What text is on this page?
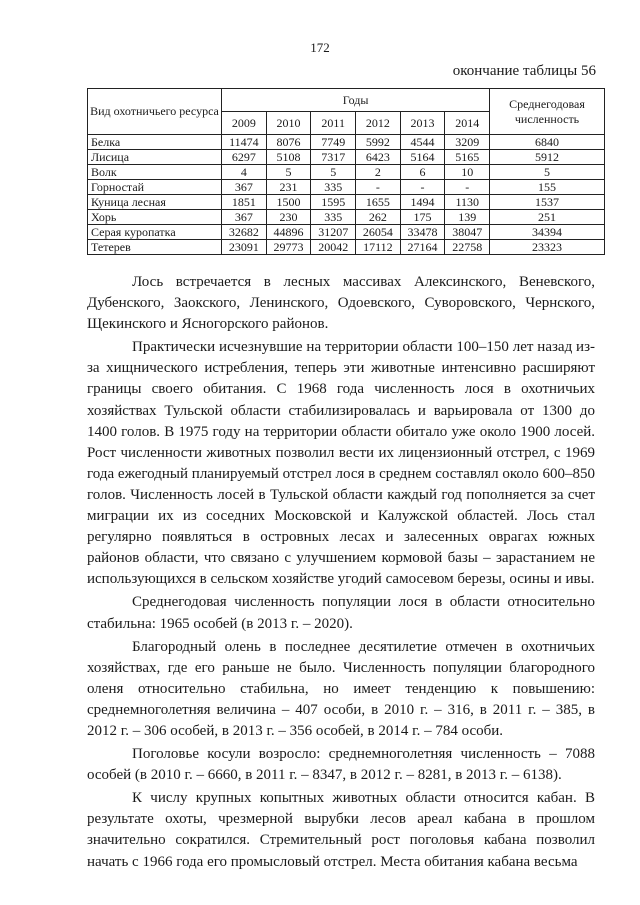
172
окончание таблицы 56
Вид охотничьего ресурса	Годы						Среднегодовая численность
	2009	2010	2011	2012	2013	2014	
Белка	11474	8076	7749	5992	4544	3209	6840
Лисица	6297	5108	7317	6423	5164	5165	5912
Волк	4	5	5	2	6	10	5
Горностай	367	231	335	-	-	-	155
Куница лесная	1851	1500	1595	1655	1494	1130	1537
Хорь	367	230	335	262	175	139	251
Серая куропатка	32682	44896	31207	26054	33478	38047	34394
Тетерев	23091	29773	20042	17112	27164	22758	23323

Лось встречается в лесных массивах Алексинского, Веневского, Дубенского, Заокского, Ленинского, Одоевского, Суворовского, Чернского, Щекинского и Ясногорского районов.

Практически исчезнувшие на территории области 100–150 лет назад из-за хищнического истребления, теперь эти животные интенсивно расширяют границы своего обитания. С 1968 года численность лося в охотничьих хозяйствах Тульской области стабилизировалась и варьировала от 1300 до 1400 голов. В 1975 году на территории области обитало уже около 1900 лосей. Рост численности животных позволил вести их лицензионный отстрел, с 1969 года ежегодный планируемый отстрел лося в среднем составлял около 600–850 голов. Численность лосей в Тульской области каждый год пополняется за счет миграции их из соседних Московской и Калужской областей. Лось стал регулярно появляться в островных лесах и залесенных оврагах южных районов области, что связано с улучшением кормовой базы – зарастанием не использующихся в сельском хозяйстве угодий самосевом березы, осины и ивы.

Среднегодовая численность популяции лося в области относительно стабильна: 1965 особей (в 2013 г. – 2020).

Благородный олень в последнее десятилетие отмечен в охотничьих хозяйствах, где его раньше не было. Численность популяции благородного оленя относительно стабильна, но имеет тенденцию к повышению: среднемноголетняя величина – 407 особи, в 2010 г. – 316, в 2011 г. – 385, в 2012 г. – 306 особей, в 2013 г. – 356 особей, в 2014 г. – 784 особи.

Поголовье косули возросло: среднемноголетняя численность – 7088 особей (в 2010 г. – 6660, в 2011 г. – 8347, в 2012 г. – 8281, в 2013 г. – 6138).

К числу крупных копытных животных области относится кабан. В результате охоты, чрезмерной вырубки лесов ареал кабана в прошлом значительно сократился. Стремительный рост поголовья кабана позволил начать с 1966 года его промысловый отстрел. Места обитания кабана весьма
